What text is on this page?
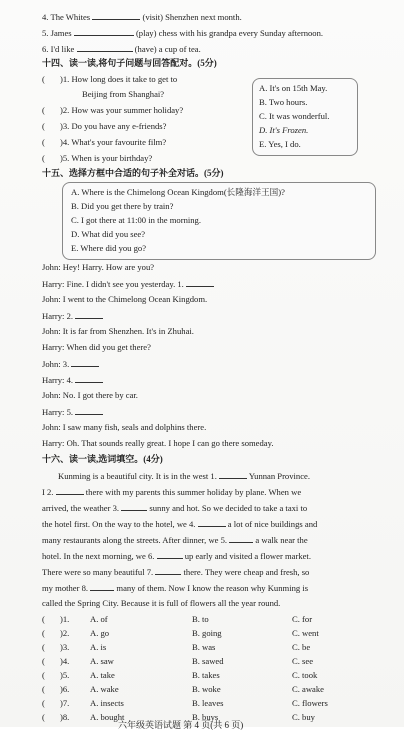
4. The Whites	(visit) Shenzhen next month.
5. James	(play) chess with his grandpa every Sunday afternoon.
6. I'd like	(have) a cup of tea.
十四、读一读,将句子问题与回答配对。(5分)
( )1. How long does it take to get to
Beijing from Shanghai?
( )2. How was your summer holiday?
( )3. Do you have any e-friends?
( )4. What's your favourite film?
( )5. When is your birthday?
A. It's on 15th May.
B. Two hours.
C. It was wonderful.
D. It's Frozen.
E. Yes, I do.
十五、选择方框中合适的句子补全对话。(5分)
A. Where is the Chimelong Ocean Kingdom(长隆海洋王国)?
B. Did you get there by train?
C. I got there at 11:00 in the morning.
D. What did you see?
E. Where did you go?
John: Hey! Harry. How are you?
Harry: Fine. I didn't see you yesterday. 1.
John: I went to the Chimelong Ocean Kingdom.
Harry: 2.
John: It is far from Shenzhen. It's in Zhuhai.
Harry: When did you get there?
John: 3.
Harry: 4.
John: No. I got there by car.
Harry: 5.
John: I saw many fish, seals and dolphins there.
Harry: Oh. That sounds really great. I hope I can go there someday.
十六、读一读,选词填空。(4分)
Kunming is a beautiful city. It is in the west 1.	Yunnan Province.
I 2.	there with my parents this summer holiday by plane. When we
arrived, the weather 3.	sunny and hot. So we decided to take a taxi to
the hotel first. On the way to the hotel, we 4.	a lot of nice buildings and
many restaurants along the streets. After dinner, we 5.	a walk near the
hotel. In the next morning, we 6.	up early and visited a flower market.
There were so many beautiful 7.	there. They were cheap and fresh, so
my mother 8.	many of them. Now I know the reason why Kunming is
called the Spring City. Because it is full of flowers all the year round.
( )1. A. of	B. to	C. for
( )2. A. go	B. going	C. went
( )3. A. is	B. was	C. be
( )4. A. saw	B. sawed	C. see
( )5. A. take	B. takes	C. took
( )6. A. wake	B. woke	C. awake
( )7. A. insects	B. leaves	C. flowers
( )8. A. bought	B. buys	C. buy
六年级英语试题 第 4 页(共 6 页)
